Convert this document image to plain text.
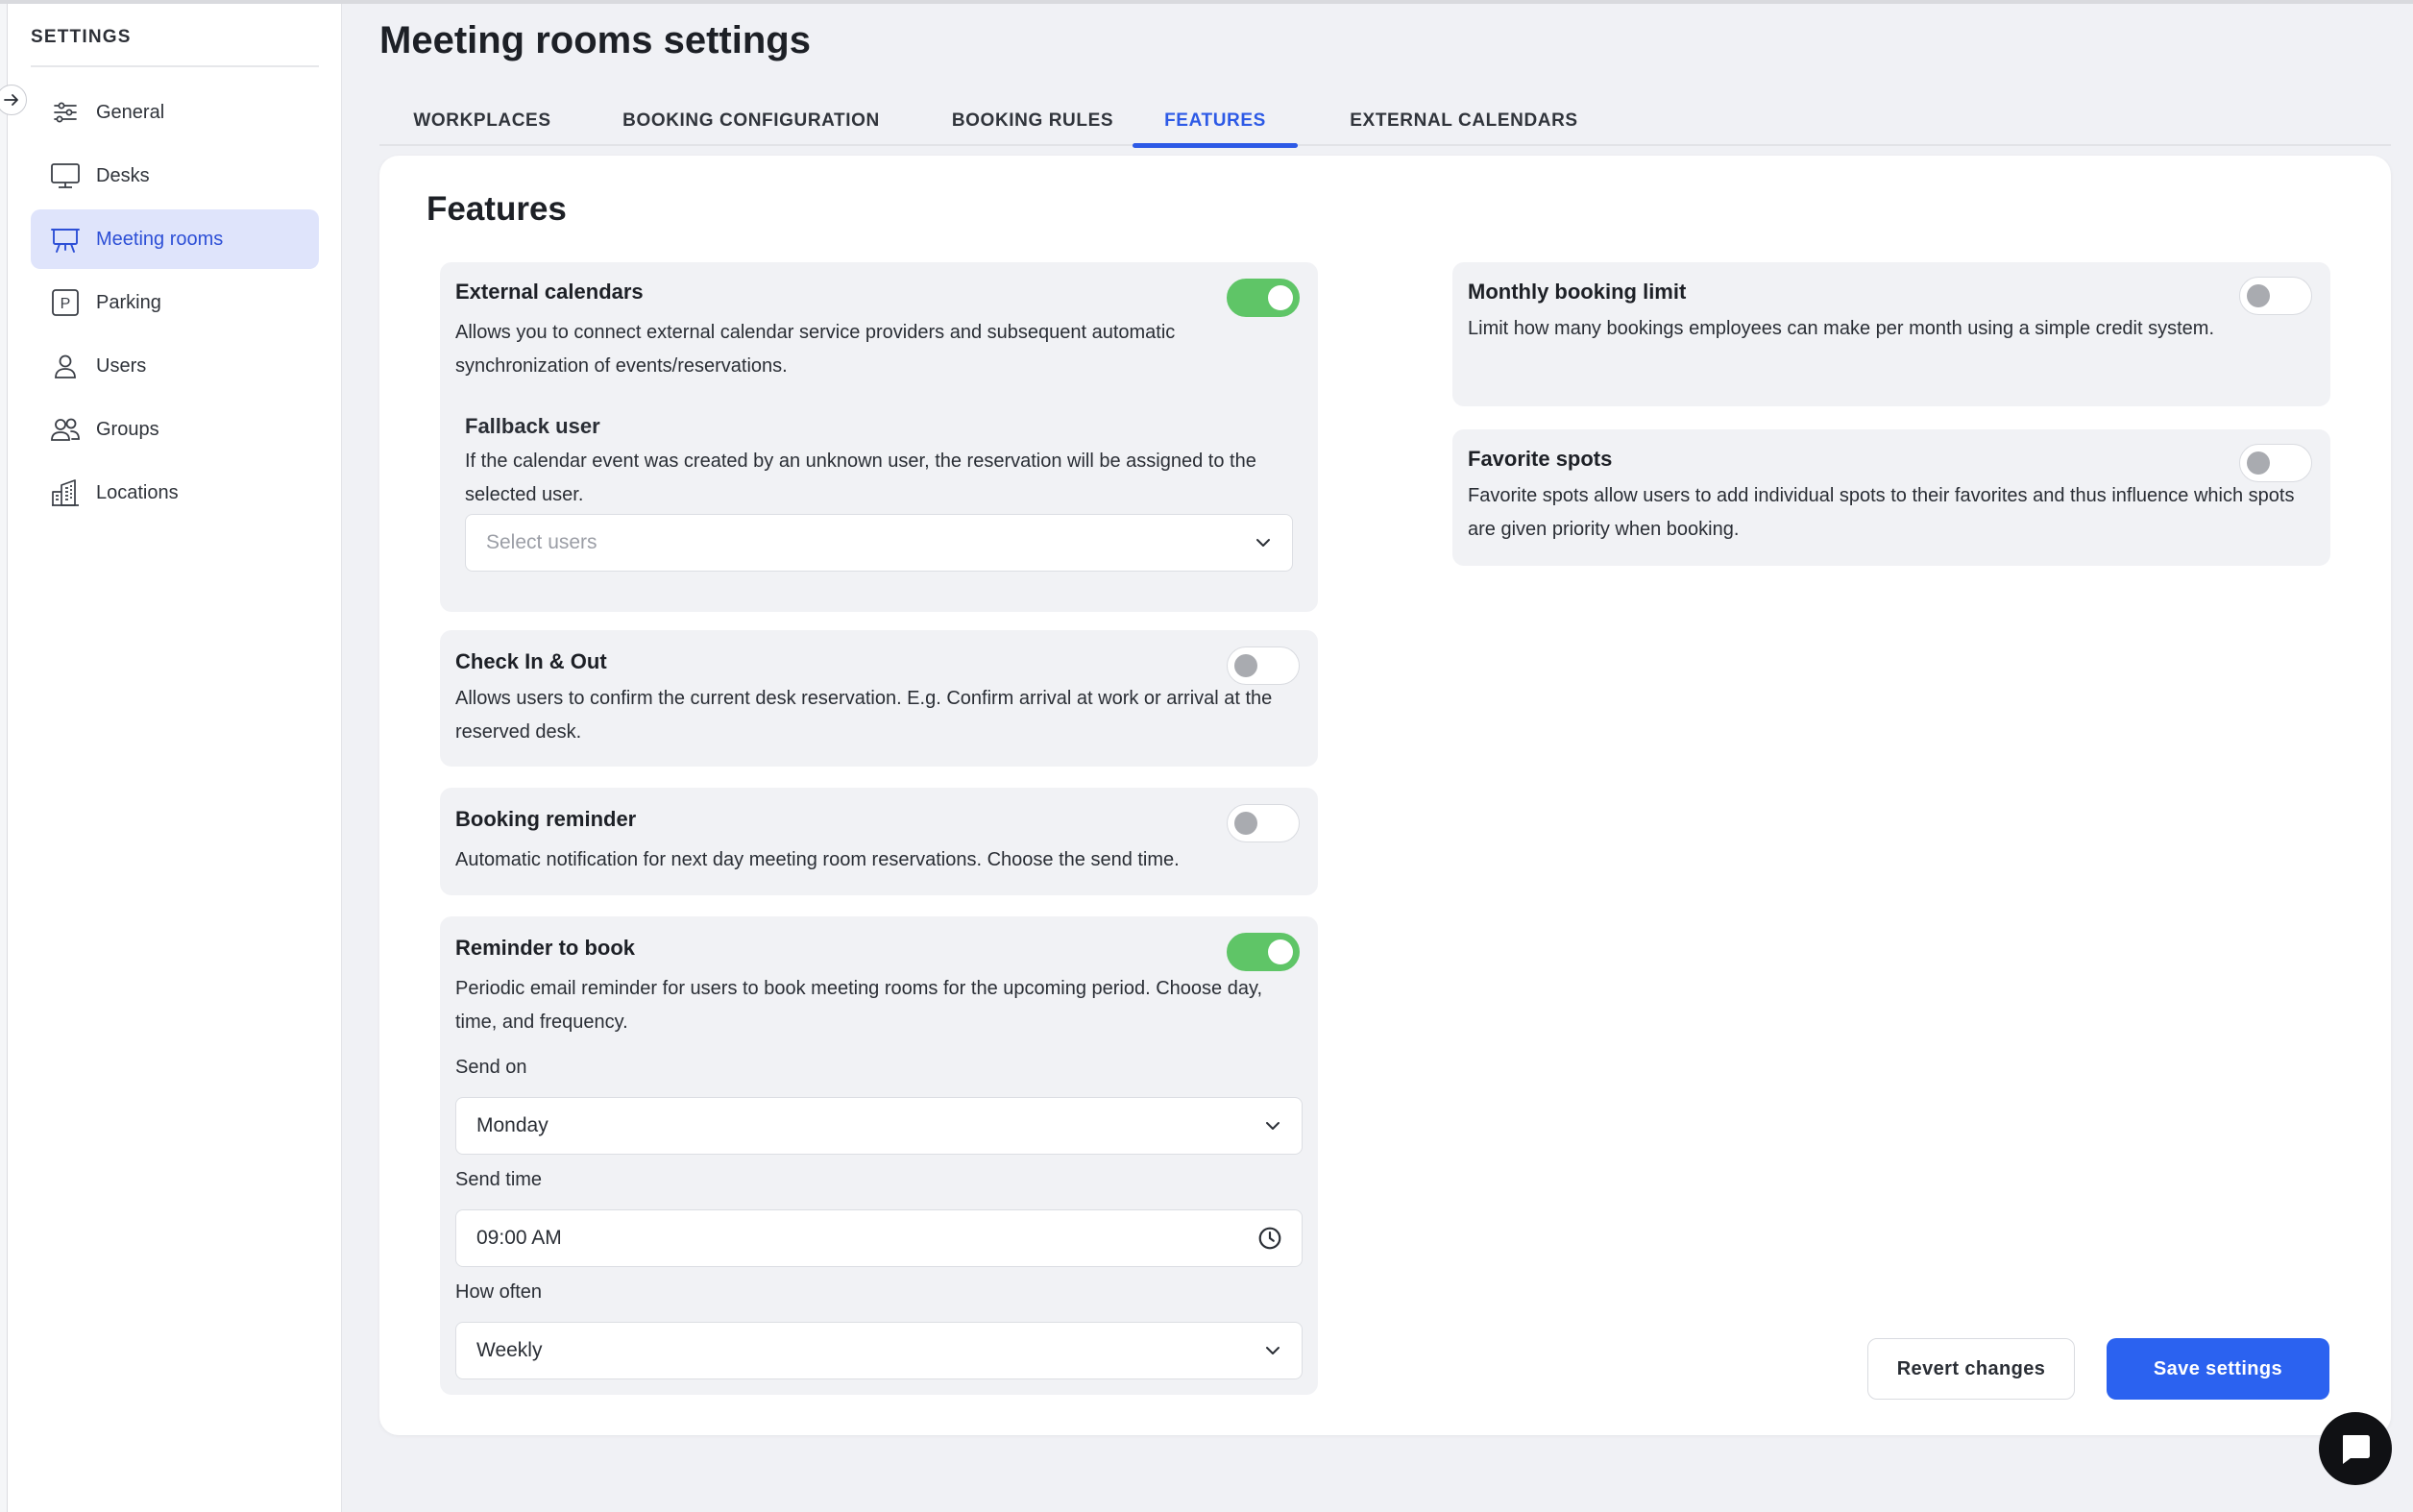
SETTINGS
General
Desks
Meeting rooms
P Parking
Users
Groups
Locations
Meeting rooms settings
WORKPLACES	BOOKING CONFIGURATION	BOOKING RULES	FEATURES	EXTERNAL CALENDARS
Features
External calendars
Allows you to connect external calendar service providers and subsequent automatic synchronization of events/reservations.
Fallback user
If the calendar event was created by an unknown user, the reservation will be assigned to the selected user.
Select users
Check In & Out
Allows users to confirm the current desk reservation. E.g. Confirm arrival at work or arrival at the reserved desk.
Booking reminder
Automatic notification for next day meeting room reservations. Choose the send time.
Reminder to book
Periodic email reminder for users to book meeting rooms for the upcoming period. Choose day, time, and frequency.
Send on
Monday
Send time
09:00 AM
How often
Weekly
Monthly booking limit
Limit how many bookings employees can make per month using a simple credit system.
Favorite spots
Favorite spots allow users to add individual spots to their favorites and thus influence which spots are given priority when booking.
Revert changes	Save settings
